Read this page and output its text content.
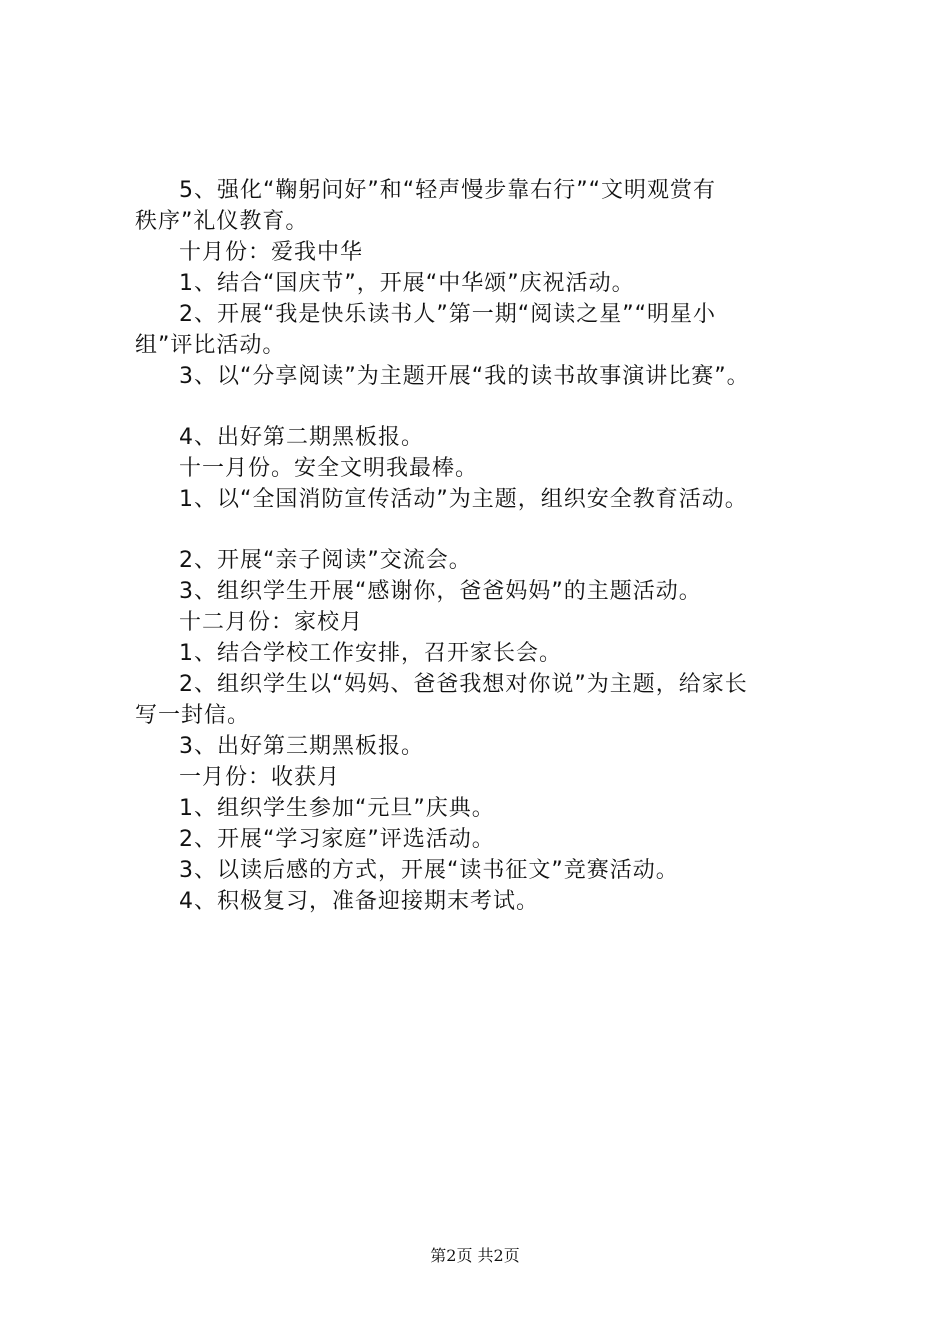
5、强化“鞠躬问好”和“轻声慢步靠右行”“文明观赏有
秩序”礼仪教育。
十月份：爱我中华
1、结合“国庆节”，开展“中华颂”庆祝活动。
2、开展“我是快乐读书人”第一期“阅读之星”“明星小
组”评比活动。
3、以“分享阅读”为主题开展“我的读书故事演讲比赛”。
4、出好第二期黑板报。
十一月份。安全文明我最棒。
1、以“全国消防宣传活动”为主题，组织安全教育活动。
2、开展“亲子阅读”交流会。
3、组织学生开展“感谢你，爸爸妈妈”的主题活动。
十二月份：家校月
1、结合学校工作安排，召开家长会。
2、组织学生以“妈妈、爸爸我想对你说”为主题，给家长
写一封信。
3、出好第三期黑板报。
一月份：收获月
1、组织学生参加“元旦”庆典。
2、开展“学习家庭”评选活动。
3、以读后感的方式，开展“读书征文”竞赛活动。
4、积极复习，准备迎接期末考试。
第2页 共2页
